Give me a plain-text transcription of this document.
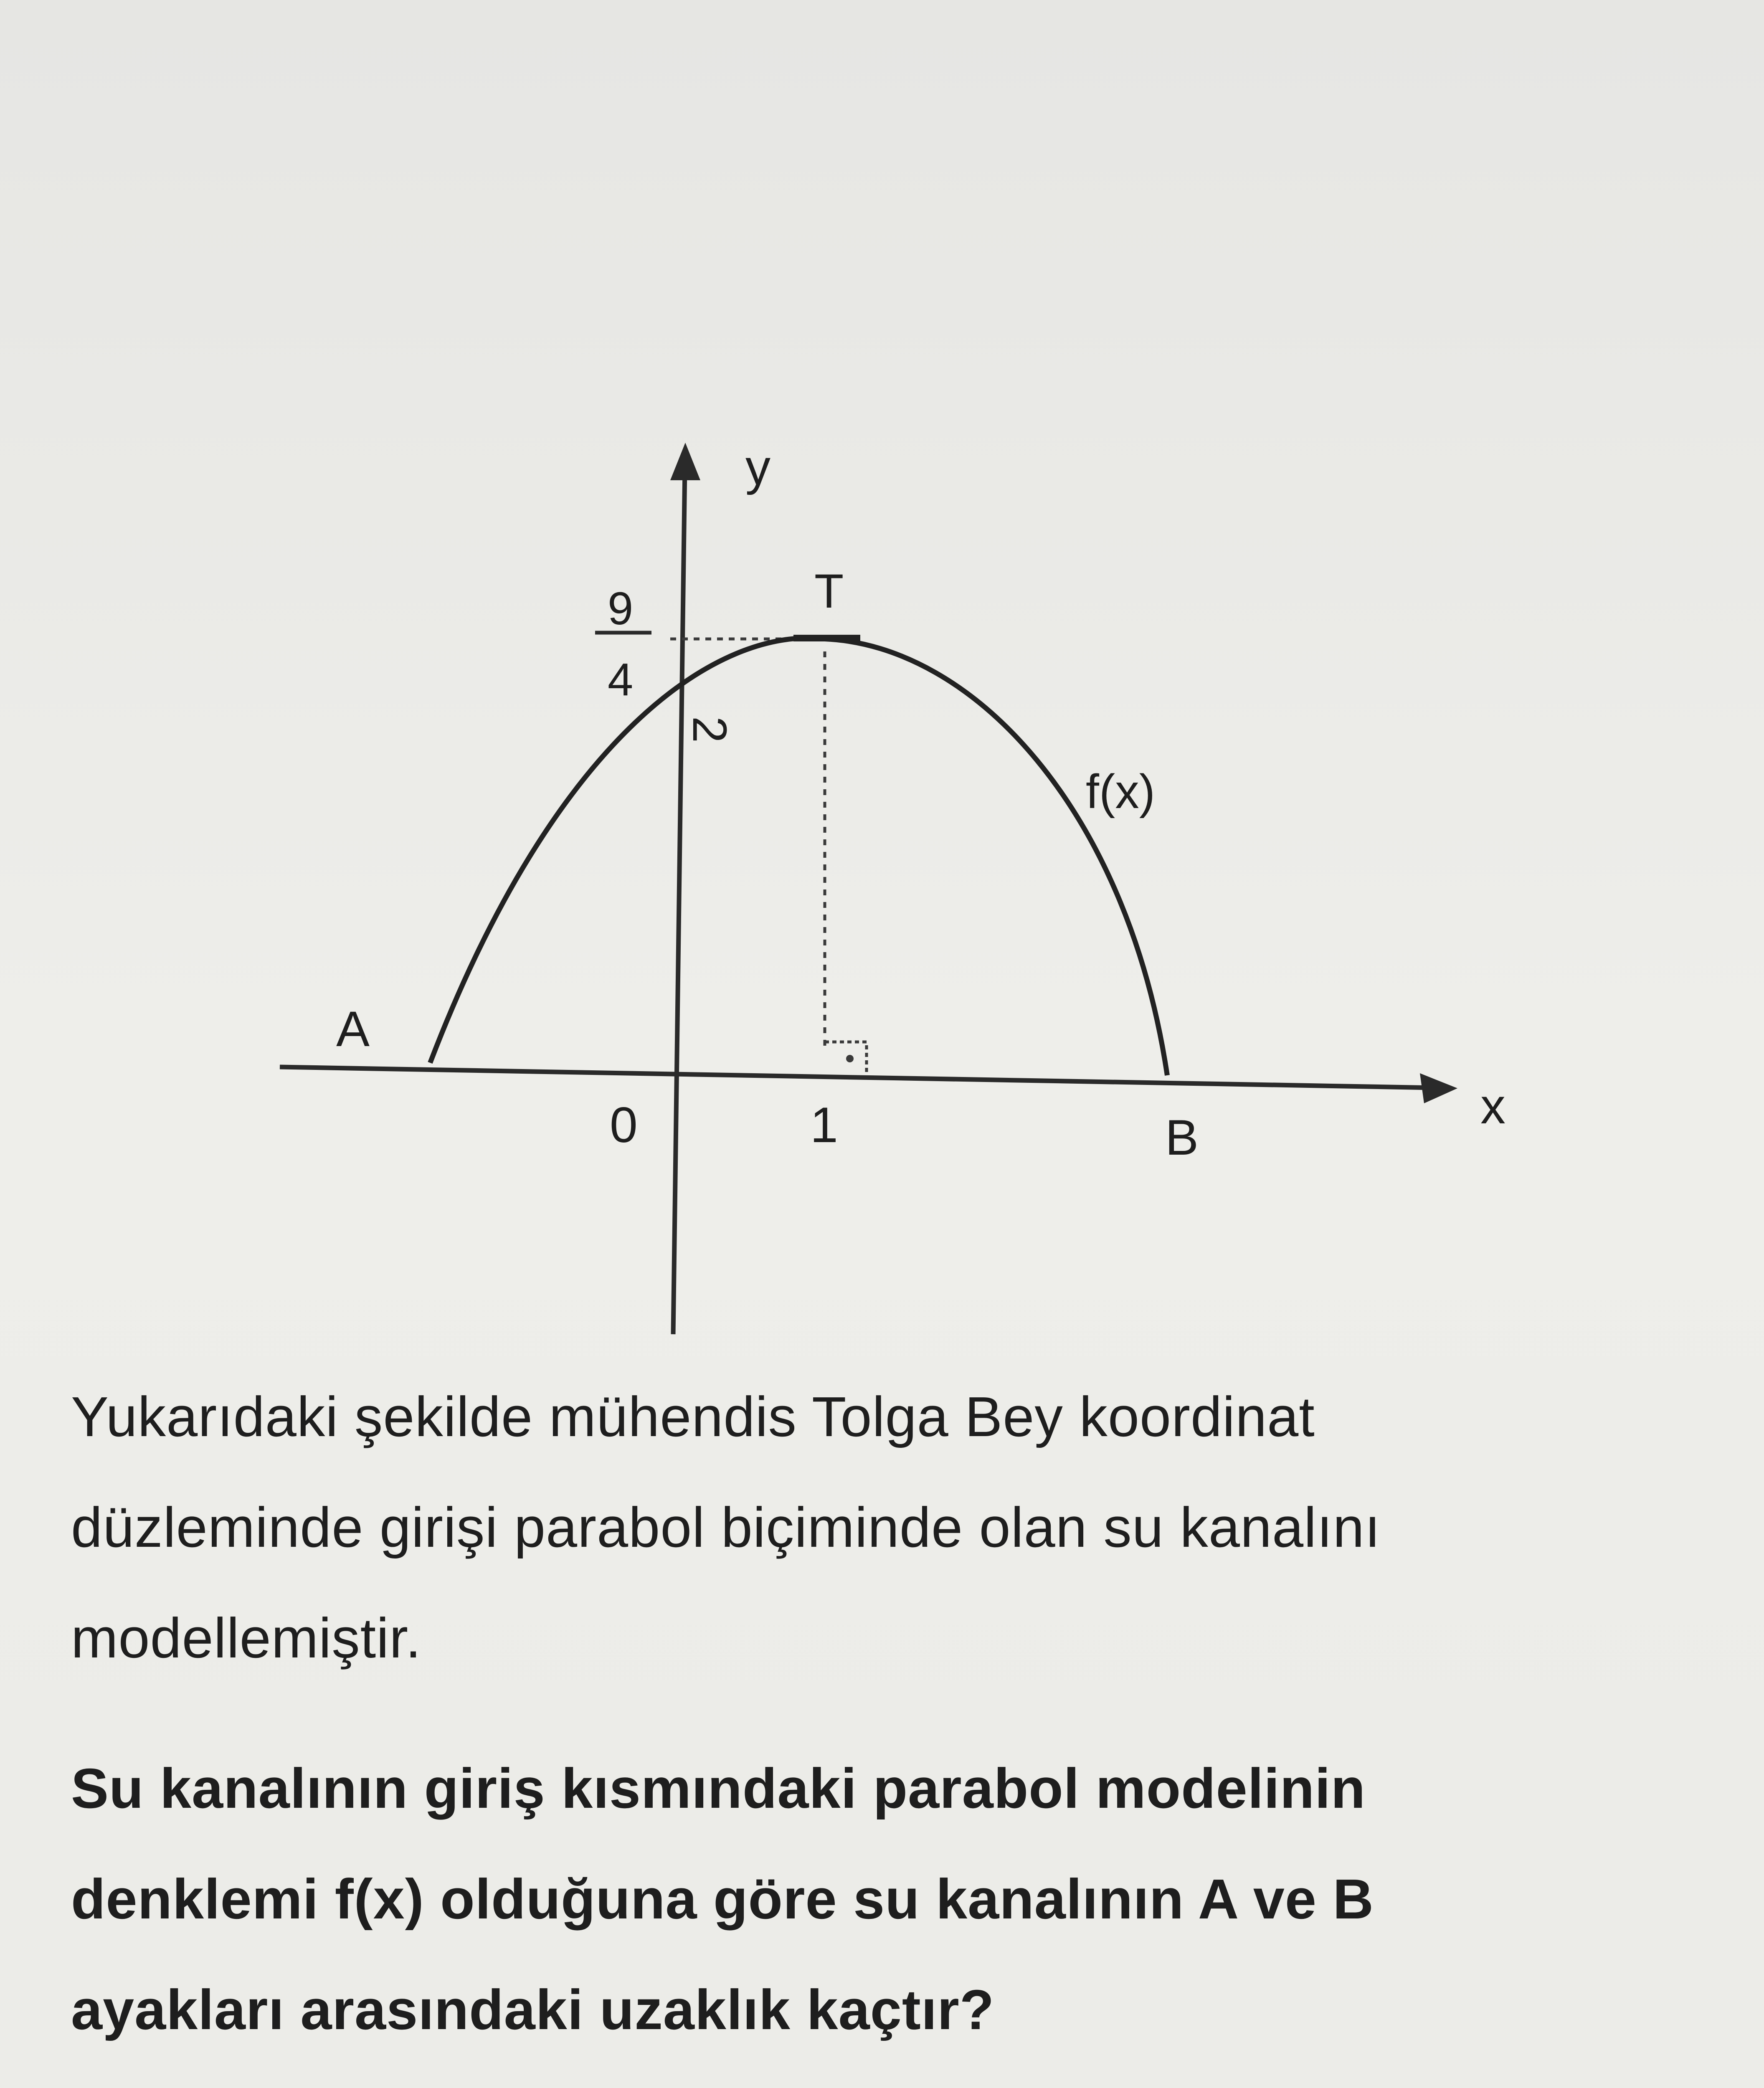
y
x
T
A
B
0	1
9
4
2
f(x)
Yukarıdaki şekilde mühendis Tolga Bey koordinat
düzleminde girişi parabol biçiminde olan su kanalını
modellemiştir.
Su kanalının giriş kısmındaki parabol modelinin
denklemi f(x) olduğuna göre su kanalının A ve B
ayakları arasındaki uzaklık kaçtır?
